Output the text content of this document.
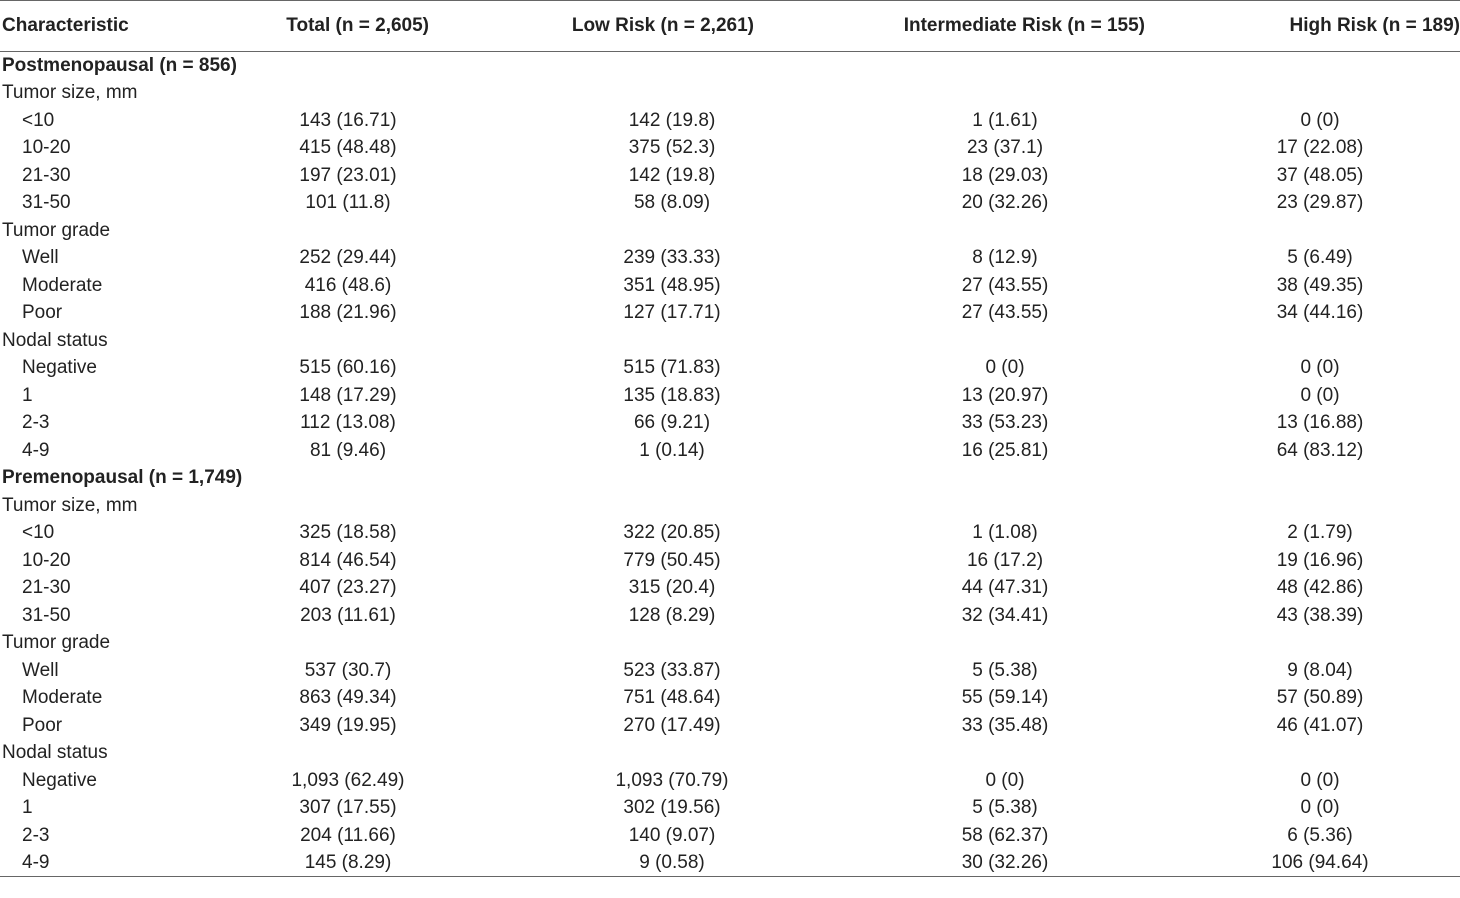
Characteristic	Total (n = 2,605)	Low Risk (n = 2,261)	Intermediate Risk (n = 155)	High Risk (n = 189)
Postmenopausal (n = 856)				
Tumor size, mm				
<10	143 (16.71)	142 (19.8)	1 (1.61)	0 (0)
10-20	415 (48.48)	375 (52.3)	23 (37.1)	17 (22.08)
21-30	197 (23.01)	142 (19.8)	18 (29.03)	37 (48.05)
31-50	101 (11.8)	58 (8.09)	20 (32.26)	23 (29.87)
Tumor grade				
Well	252 (29.44)	239 (33.33)	8 (12.9)	5 (6.49)
Moderate	416 (48.6)	351 (48.95)	27 (43.55)	38 (49.35)
Poor	188 (21.96)	127 (17.71)	27 (43.55)	34 (44.16)
Nodal status				
Negative	515 (60.16)	515 (71.83)	0 (0)	0 (0)
1	148 (17.29)	135 (18.83)	13 (20.97)	0 (0)
2-3	112 (13.08)	66 (9.21)	33 (53.23)	13 (16.88)
4-9	81 (9.46)	1 (0.14)	16 (25.81)	64 (83.12)
Premenopausal (n = 1,749)				
Tumor size, mm				
<10	325 (18.58)	322 (20.85)	1 (1.08)	2 (1.79)
10-20	814 (46.54)	779 (50.45)	16 (17.2)	19 (16.96)
21-30	407 (23.27)	315 (20.4)	44 (47.31)	48 (42.86)
31-50	203 (11.61)	128 (8.29)	32 (34.41)	43 (38.39)
Tumor grade				
Well	537 (30.7)	523 (33.87)	5 (5.38)	9 (8.04)
Moderate	863 (49.34)	751 (48.64)	55 (59.14)	57 (50.89)
Poor	349 (19.95)	270 (17.49)	33 (35.48)	46 (41.07)
Nodal status				
Negative	1,093 (62.49)	1,093 (70.79)	0 (0)	0 (0)
1	307 (17.55)	302 (19.56)	5 (5.38)	0 (0)
2-3	204 (11.66)	140 (9.07)	58 (62.37)	6 (5.36)
4-9	145 (8.29)	9 (0.58)	30 (32.26)	106 (94.64)
